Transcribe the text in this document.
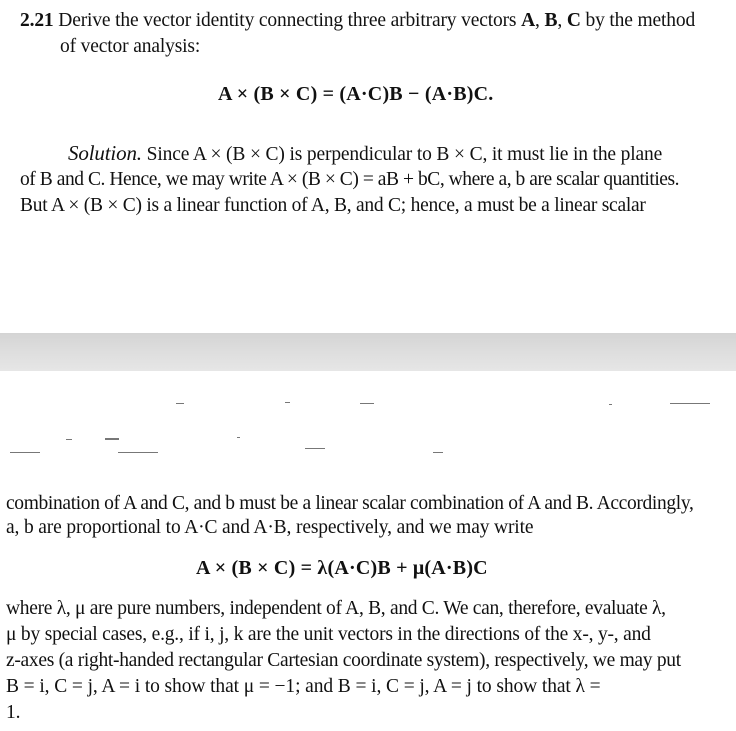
2.21 Derive the vector identity connecting three arbitrary vectors A, B, C by the method
of vector analysis:
A × (B × C) = (A·C)B − (A·B)C.
Solution. Since A × (B × C) is perpendicular to B × C, it must lie in the plane
of B and C. Hence, we may write A × (B × C) = aB + bC, where a, b are scalar quantities.
But A × (B × C) is a linear function of A, B, and C; hence, a must be a linear scalar
combination of A and C, and b must be a linear scalar combination of A and B. Accordingly,
a, b are proportional to A·C and A·B, respectively, and we may write
A × (B × C) = λ(A·C)B + μ(A·B)C
where λ, μ are pure numbers, independent of A, B, and C. We can, therefore, evaluate λ,
μ by special cases, e.g., if i, j, k are the unit vectors in the directions of the x-, y-, and
z-axes (a right-handed rectangular Cartesian coordinate system), respectively, we may put
B = i, C = j, A = i to show that μ = −1; and B = i, C = j, A = j to show that λ =
1.
